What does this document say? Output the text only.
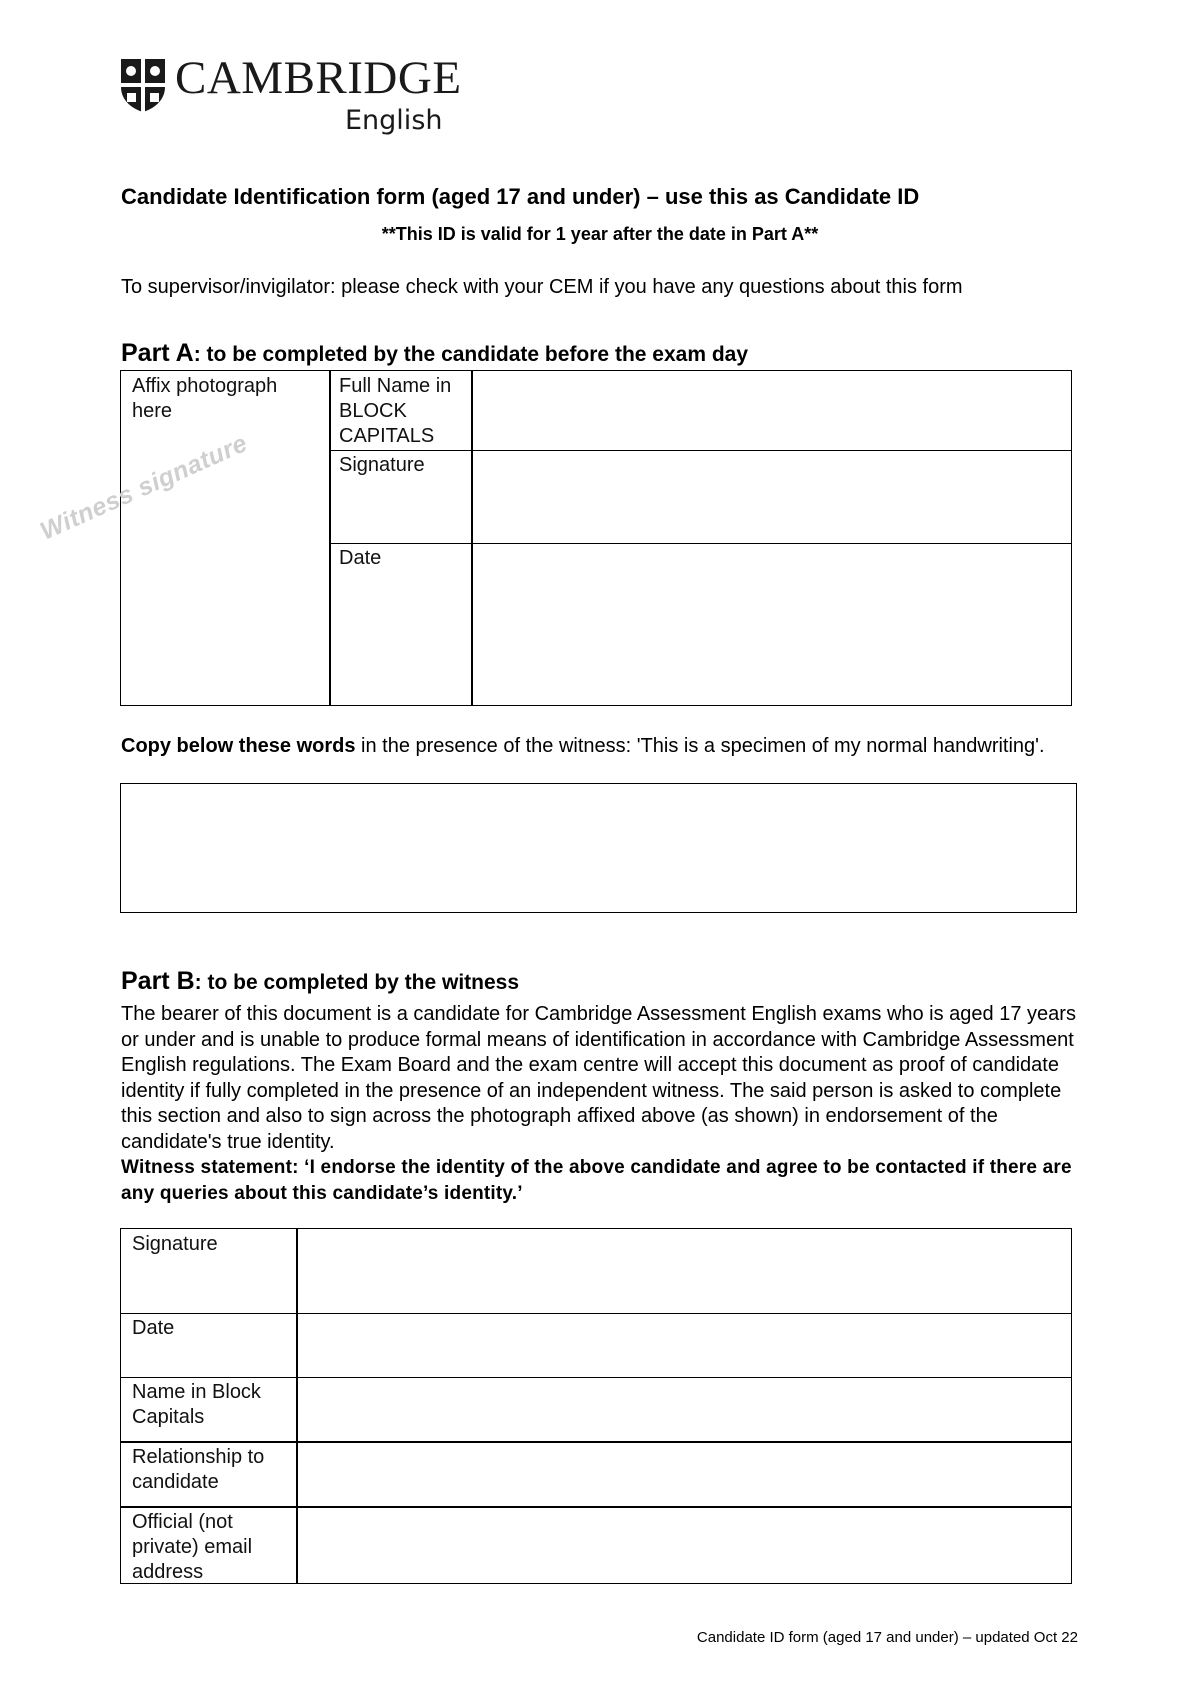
CAMBRIDGE
English
Candidate Identification form (aged 17 and under) – use this as Candidate ID
**This ID is valid for 1 year after the date in Part A**
To supervisor/invigilator: please check with your CEM if you have any questions about this form
Part A: to be completed by the candidate before the exam day
Affix photograph here
Full Name in BLOCK CAPITALS
Signature
Date
Witness signature
Copy below these words in the presence of the witness: 'This is a specimen of my normal handwriting'.
Part B: to be completed by the witness
The bearer of this document is a candidate for Cambridge Assessment English exams who is aged 17 years or under and is unable to produce formal means of identification in accordance with Cambridge Assessment English regulations. The Exam Board and the exam centre will accept this document as proof of candidate identity if fully completed in the presence of an independent witness. The said person is asked to complete this section and also to sign across the photograph affixed above (as shown) in endorsement of the candidate's true identity.
Witness statement: ‘I endorse the identity of the above candidate and agree to be contacted if there are any queries about this candidate’s identity.’
Signature
Date
Name in Block Capitals
Relationship to candidate
Official (not private) email address
Candidate ID form (aged 17 and under) – updated Oct 22
